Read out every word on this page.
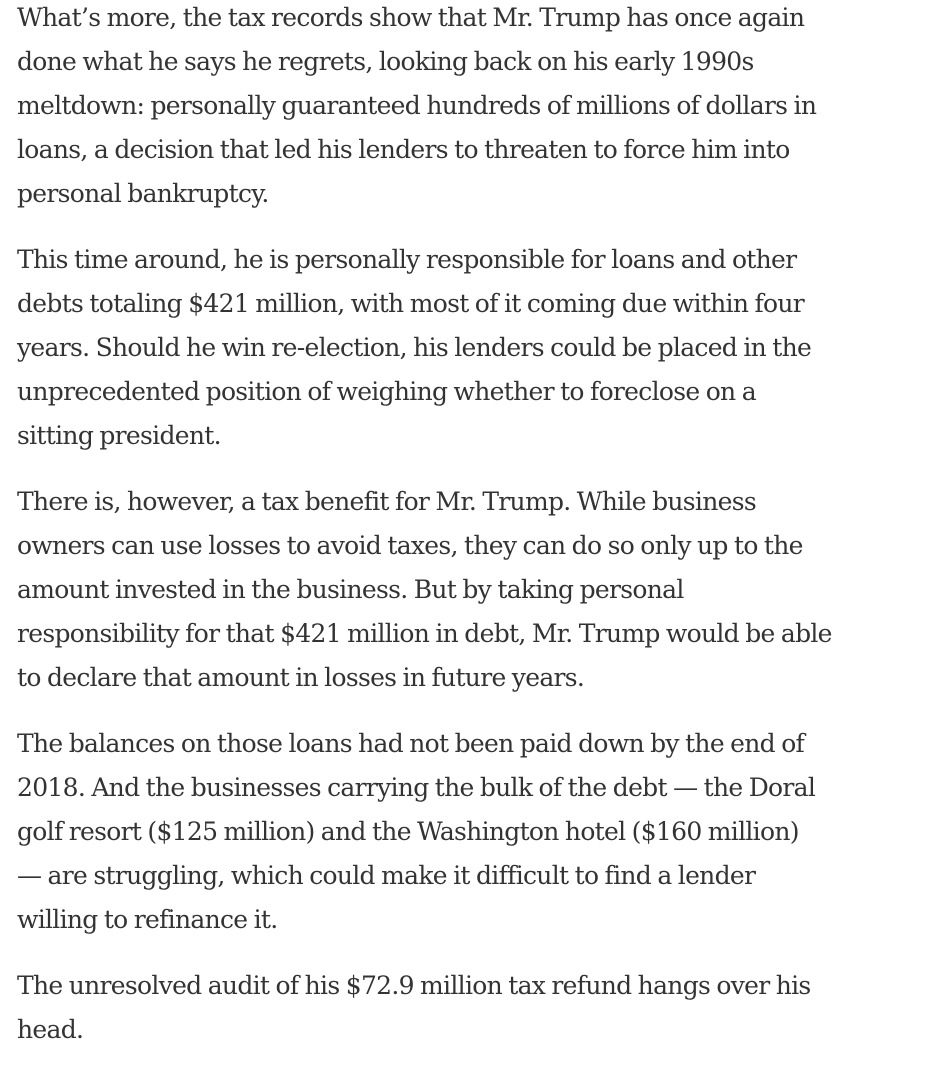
What’s more, the tax records show that Mr. Trump has once again
done what he says he regrets, looking back on his early 1990s
meltdown: personally guaranteed hundreds of millions of dollars in
loans, a decision that led his lenders to threaten to force him into
personal bankruptcy.

This time around, he is personally responsible for loans and other
debts totaling $421 million, with most of it coming due within four
years. Should he win re-election, his lenders could be placed in the
unprecedented position of weighing whether to foreclose on a
sitting president.

There is, however, a tax benefit for Mr. Trump. While business
owners can use losses to avoid taxes, they can do so only up to the
amount invested in the business. But by taking personal
responsibility for that $421 million in debt, Mr. Trump would be able
to declare that amount in losses in future years.

The balances on those loans had not been paid down by the end of
2018. And the businesses carrying the bulk of the debt — the Doral
golf resort ($125 million) and the Washington hotel ($160 million)
— are struggling, which could make it difficult to find a lender
willing to refinance it.

The unresolved audit of his $72.9 million tax refund hangs over his
head.
